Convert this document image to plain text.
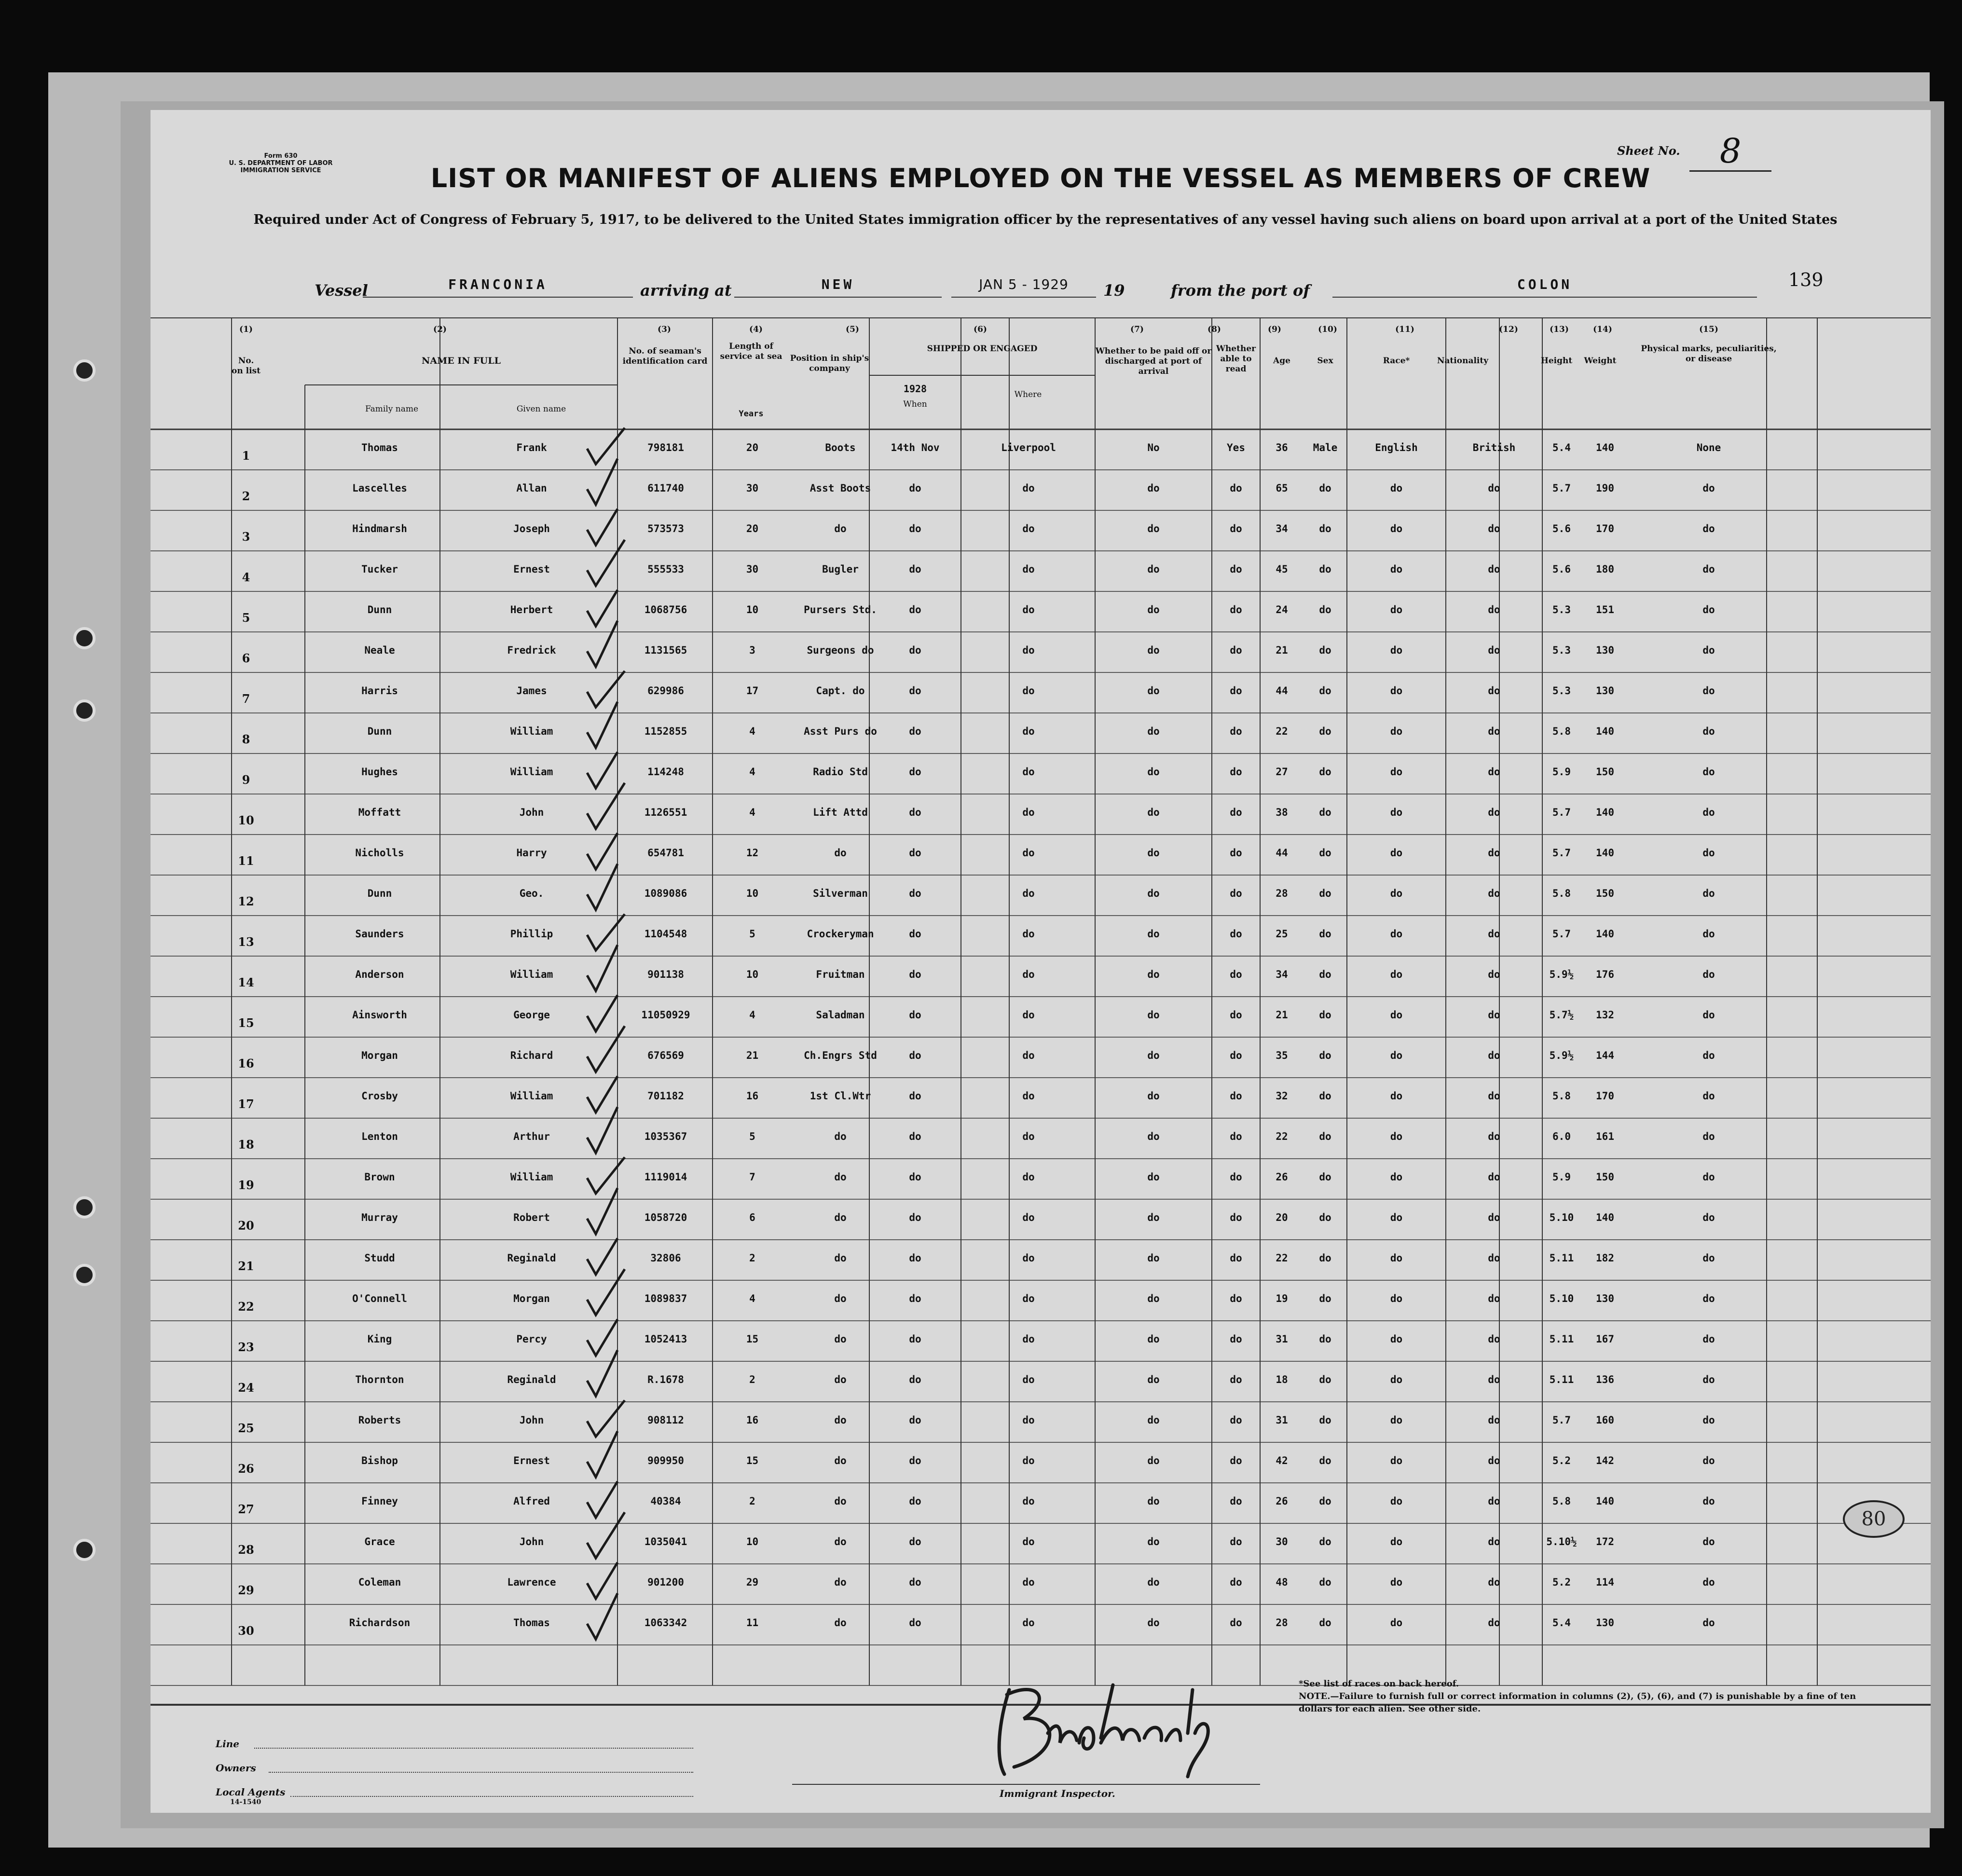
Form 630
U. S. DEPARTMENT OF LABOR
IMMIGRATION SERVICE
Sheet No.	8
LIST OR MANIFEST OF ALIENS EMPLOYED ON THE VESSEL AS MEMBERS OF CREW
Required under Act of Congress of February 5, 1917, to be delivered to the United States immigration officer by the representatives of any vessel having such aliens on board upon arrival at a port of the United States
Vessel	FRANCONIA	arriving at	NEW	JAN 5 - 1929	19	from the port of	COLON	139
(1)	(2)	(3)	(4)	(5)	(6)	(7)	(8)	(9)	(10)	(11)	(12)	(13)	(14)	(15)
No. on list
NAME IN FULL
Family name	Given name
No. of seaman's identification card
Length of service at sea
Years
Position in ship's company
SHIPPED OR ENGAGED
1928
When
Where
Whether to be paid off or discharged at port of arrival
Whether able to read
Age	Sex	Race*	Nationality	Height	Weight
Physical marks, peculiarities, or disease
1
Thomas	Frank	798181	20	Boots	14th Nov	Liverpool	No	Yes	36	Male	English	British	5.4	140	None
2
Lascelles	Allan	611740	30	Asst Boots	do	do	do	do	65	do	do	do	5.7	190	do
3
Hindmarsh	Joseph	573573	20	do	do	do	do	do	34	do	do	do	5.6	170	do
4
Tucker	Ernest	555533	30	Bugler	do	do	do	do	45	do	do	do	5.6	180	do
5
Dunn	Herbert	1068756	10	Pursers Std.	do	do	do	do	24	do	do	do	5.3	151	do
6
Neale	Fredrick	1131565	3	Surgeons do	do	do	do	do	21	do	do	do	5.3	130	do
7
Harris	James	629986	17	Capt. do	do	do	do	do	44	do	do	do	5.3	130	do
8
Dunn	William	1152855	4	Asst Purs do	do	do	do	do	22	do	do	do	5.8	140	do
9
Hughes	William	114248	4	Radio Std	do	do	do	do	27	do	do	do	5.9	150	do
10
Moffatt	John	1126551	4	Lift Attd	do	do	do	do	38	do	do	do	5.7	140	do
11
Nicholls	Harry	654781	12	do	do	do	do	do	44	do	do	do	5.7	140	do
12
Dunn	Geo.	1089086	10	Silverman	do	do	do	do	28	do	do	do	5.8	150	do
13
Saunders	Phillip	1104548	5	Crockeryman	do	do	do	do	25	do	do	do	5.7	140	do
14
Anderson	William	901138	10	Fruitman	do	do	do	do	34	do	do	do	5.9½	176	do
15
Ainsworth	George	11050929	4	Saladman	do	do	do	do	21	do	do	do	5.7½	132	do
16
Morgan	Richard	676569	21	Ch.Engrs Std	do	do	do	do	35	do	do	do	5.9½	144	do
17
Crosby	William	701182	16	1st Cl.Wtr	do	do	do	do	32	do	do	do	5.8	170	do
18
Lenton	Arthur	1035367	5	do	do	do	do	do	22	do	do	do	6.0	161	do
19
Brown	William	1119014	7	do	do	do	do	do	26	do	do	do	5.9	150	do
20
Murray	Robert	1058720	6	do	do	do	do	do	20	do	do	do	5.10	140	do
21
Studd	Reginald	32806	2	do	do	do	do	do	22	do	do	do	5.11	182	do
22
O'Connell	Morgan	1089837	4	do	do	do	do	do	19	do	do	do	5.10	130	do
23
King	Percy	1052413	15	do	do	do	do	do	31	do	do	do	5.11	167	do
24
Thornton	Reginald	R.1678	2	do	do	do	do	do	18	do	do	do	5.11	136	do
25
Roberts	John	908112	16	do	do	do	do	do	31	do	do	do	5.7	160	do
26
Bishop	Ernest	909950	15	do	do	do	do	do	42	do	do	do	5.2	142	do
27
Finney	Alfred	40384	2	do	do	do	do	do	26	do	do	do	5.8	140	do
28
Grace	John	1035041	10	do	do	do	do	do	30	do	do	do	5.10½	172	do
29
Coleman	Lawrence	901200	29	do	do	do	do	do	48	do	do	do	5.2	114	do
30
Richardson	Thomas	1063342	11	do	do	do	do	do	28	do	do	do	5.4	130	do
Line
Owners
Local Agents
14-1540
Immigrant Inspector.
*See list of races on back hereof.
NOTE.—Failure to furnish full or correct information in columns (2), (5), (6), and (7) is punishable by a fine of ten dollars for each alien. See other side.
80
